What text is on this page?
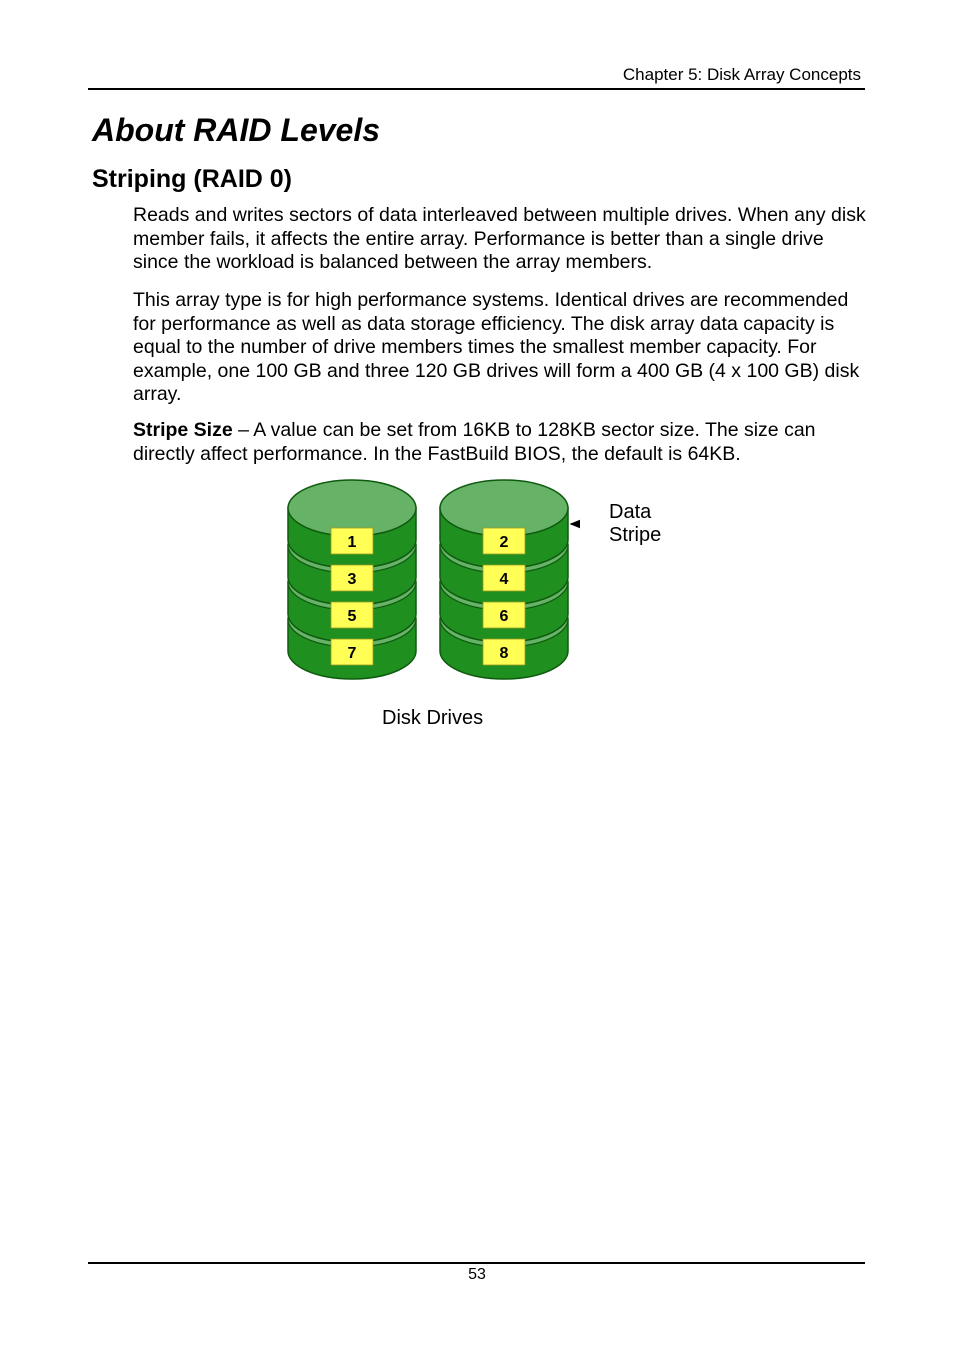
Chapter 5: Disk Array Concepts
About RAID Levels
Striping (RAID 0)

Reads and writes sectors of data interleaved between multiple drives. When any disk member fails, it affects the entire array. Performance is better than a single drive since the workload is balanced between the array members.

This array type is for high performance systems. Identical drives are recommended for performance as well as data storage efficiency. The disk array data capacity is equal to the number of drive members times the smallest member capacity. For example, one 100 GB and three 120 GB drives will form a 400 GB (4 x 100 GB) disk array.

Stripe Size – A value can be set from 16KB to 128KB sector size. The size can directly affect performance. In the FastBuild BIOS, the default is 64KB.

1
3
5
7
2
4
6
8
Data
Stripe
Disk Drives
53
